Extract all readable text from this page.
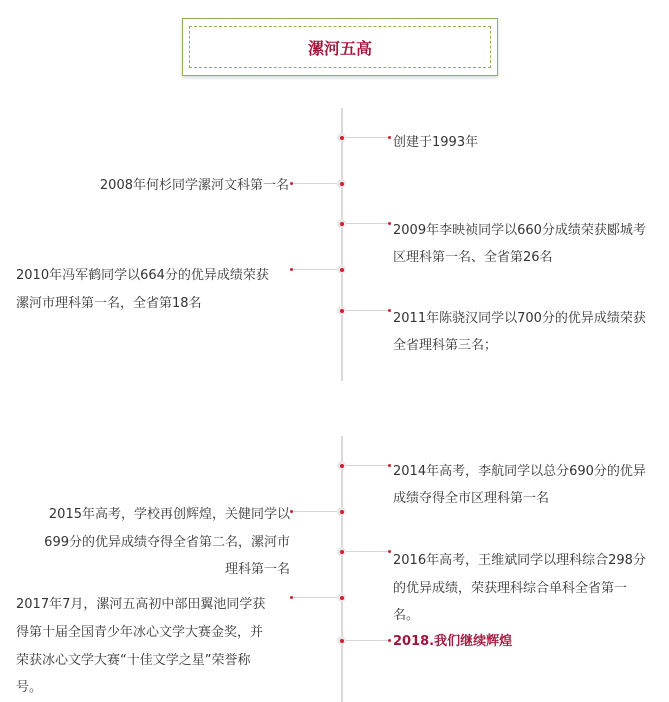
漯河五高
创建于1993年
2008年何杉同学漯河文科第一名
2009年李映祯同学以660分成绩荣获郾城考
区理科第一名、全省第26名
2010年冯军鹤同学以664分的优异成绩荣获
漯河市理科第一名，全省第18名
2011年陈骁汉同学以700分的优异成绩荣获
全省理科第三名；
2014年高考，李航同学以总分690分的优异
成绩夺得全市区理科第一名
2015年高考，学校再创辉煌，关健同学以
699分的优异成绩夺得全省第二名，漯河市
理科第一名
2016年高考，王维斌同学以理科综合298分
的优异成绩，荣获理科综合单科全省第一
名。
2017年7月，漯河五高初中部田翼池同学获
得第十届全国青少年冰心文学大赛金奖，并
荣获冰心文学大赛“十佳文学之星”荣誉称
号。
2018.我们继续辉煌
